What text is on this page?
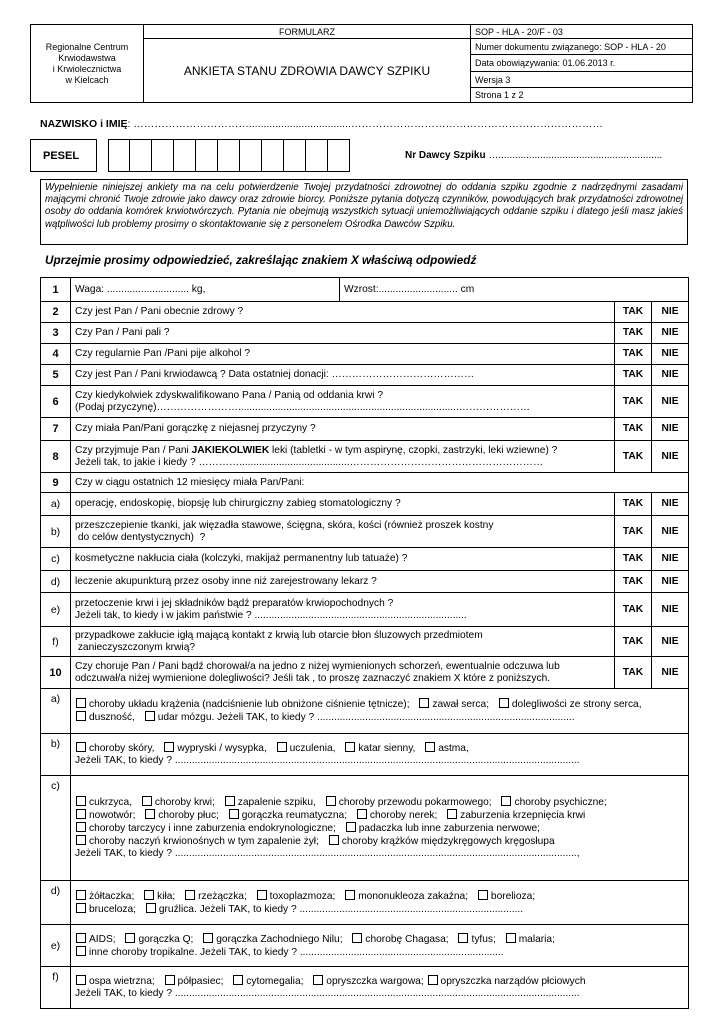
Regionalne Centrum
Krwiodawstwa
i Krwiolecznictwa
w Kielcach	FORMULARZ	SOP - HLA - 20/F - 03
	ANKIETA STANU ZDROWIA DAWCY SZPIKU	Numer dokumentu związanego: SOP - HLA - 20
		Data obowiązywania: 01.06.2013 r.
		Wersja 3
		Strona 1 z 2
NAZWISKO i IMIĘ: ……………………………...................................………………………………………………………………
PESEL	Nr Dawcy Szpiku …...........................................................
Wypełnienie niniejszej ankiety ma na celu potwierdzenie Twojej przydatności zdrowotnej do oddania szpiku zgodnie z nadrzędnymi zasadami mającymi chronić Twoje zdrowie jako dawcy oraz zdrowie biorcy. Poniższe pytania dotyczą czynników, powodujących brak przydatności zdrowotnej osoby do oddania komórek krwiotwórczych. Pytania nie obejmują wszystkich sytuacji uniemożliwiających oddanie szpiku i dlatego jeśli masz jakieś wątpliwości lub problemy prosimy o skontaktowanie się z personelem Ośrodka Dawców Szpiku.
Uprzejmie prosimy odpowiedzieć, zakreślając znakiem X właściwą odpowiedź
1	Waga: ............................. kg, Wzrost:............................ cm		

2	Czy jest Pan / Pani obecnie zdrowy ?	TAK	NIE
3	Czy Pan / Pani pali ?	TAK	NIE
4	Czy regularnie Pan /Pani pije alkohol ?	TAK	NIE
5	Czy jest Pan / Pani krwiodawcą ? Data ostatniej donacji: ……………………………………	TAK	NIE
6	Czy kiedykolwiek zdyskwalifikowano Pana / Panią od oddania krwi ?
(Podaj przyczynę)……………………..............................................................................…………………	TAK	NIE
7	Czy miała Pan/Pani gorączkę z niejasnej przyczyny ?	TAK	NIE
8	Czy przyjmuje Pan / Pani JAKIEKOLWIEK leki (tabletki - w tym aspirynę, czopki, zastrzyki, leki wziewne) ?
Jeżeli tak, to jakie i kiedy ? ………….......................................…………………………………………………	TAK	NIE
9	Czy w ciągu ostatnich 12 miesięcy miała Pan/Pani:		
a)	operację, endoskopię, biopsję lub chirurgiczny zabieg stomatologiczny ?	TAK	NIE
b)	przeszczepienie tkanki, jak więzadła stawowe, ścięgna, skóra, kości (również proszek kostny
do celów dentystycznych)  ?	TAK	NIE
c)	kosmetyczne nakłucia ciała (kolczyki, makijaż permanentny lub tatuaże) ?	TAK	NIE
d)	leczenie akupunkturą przez osoby inne niż zarejestrowany lekarz ?	TAK	NIE
e)	przetoczenie krwi i jej składników bądź preparatów krwiopochodnych ?
Jeżeli tak, to kiedy i w jakim państwie ? ...........................................................................	TAK	NIE
f)	przypadkowe zakłucie igłą mającą kontakt z krwią lub otarcie błon śluzowych przedmiotem
zanieczyszczonym krwią?	TAK	NIE
10	Czy choruje Pan / Pani bądź chorował/a na jedno z niżej wymienionych schorzeń, ewentualnie odczuwa lub
odczuwał/a niżej wymienione dolegliwości? Jeśli tak , to proszę zaznaczyć znakiem X które z poniższych.	TAK	NIE
a)	choroby układu krążenia (nadciśnienie lub obniżone ciśnienie tętnicze); zawał serca; dolegliwości ze strony serca,
duszność, udar mózgu. Jeżeli TAK, to kiedy ? ...........................................................................................		

b)	choroby skóry, wypryski / wysypka, uczulenia, katar sienny, astma,
Jeżeli TAK, to kiedy ? ...............................................................................................................................................		

c)	cukrzyca, choroby krwi; zapalenie szpiku, choroby przewodu pokarmowego; choroby psychiczne;
nowotwór; choroby płuc; gorączka reumatyczna; choroby nerek; zaburzenia krzepnięcia krwi
choroby tarczycy i inne zaburzenia endokrynologiczne; padaczka lub inne zaburzenia nerwowe;
choroby naczyń krwionośnych w tym zapalenie żył; choroby krążków międzykręgowych kręgosłupa
Jeżeli TAK, to kiedy ? ..............................................................................................................................................,		

d)	żółtaczka; kiła; rzeżączka; toxoplazmoza; mononukleoza zakaźna; borelioza;
bruceloza; gruźlica. Jeżeli TAK, to kiedy ? ...............................................................................		

e)	AIDS; gorączka Q; gorączka Zachodniego Nilu; chorobę Chagasa; tyfus; malaria;
inne choroby tropikalne. Jeżeli TAK, to kiedy ? ........................................................................		

f)	ospa wietrzna; półpasiec; cytomegalia; opryszczka wargowa; opryszczka narządów płciowych
Jeżeli TAK, to kiedy ? ...............................................................................................................................................		
